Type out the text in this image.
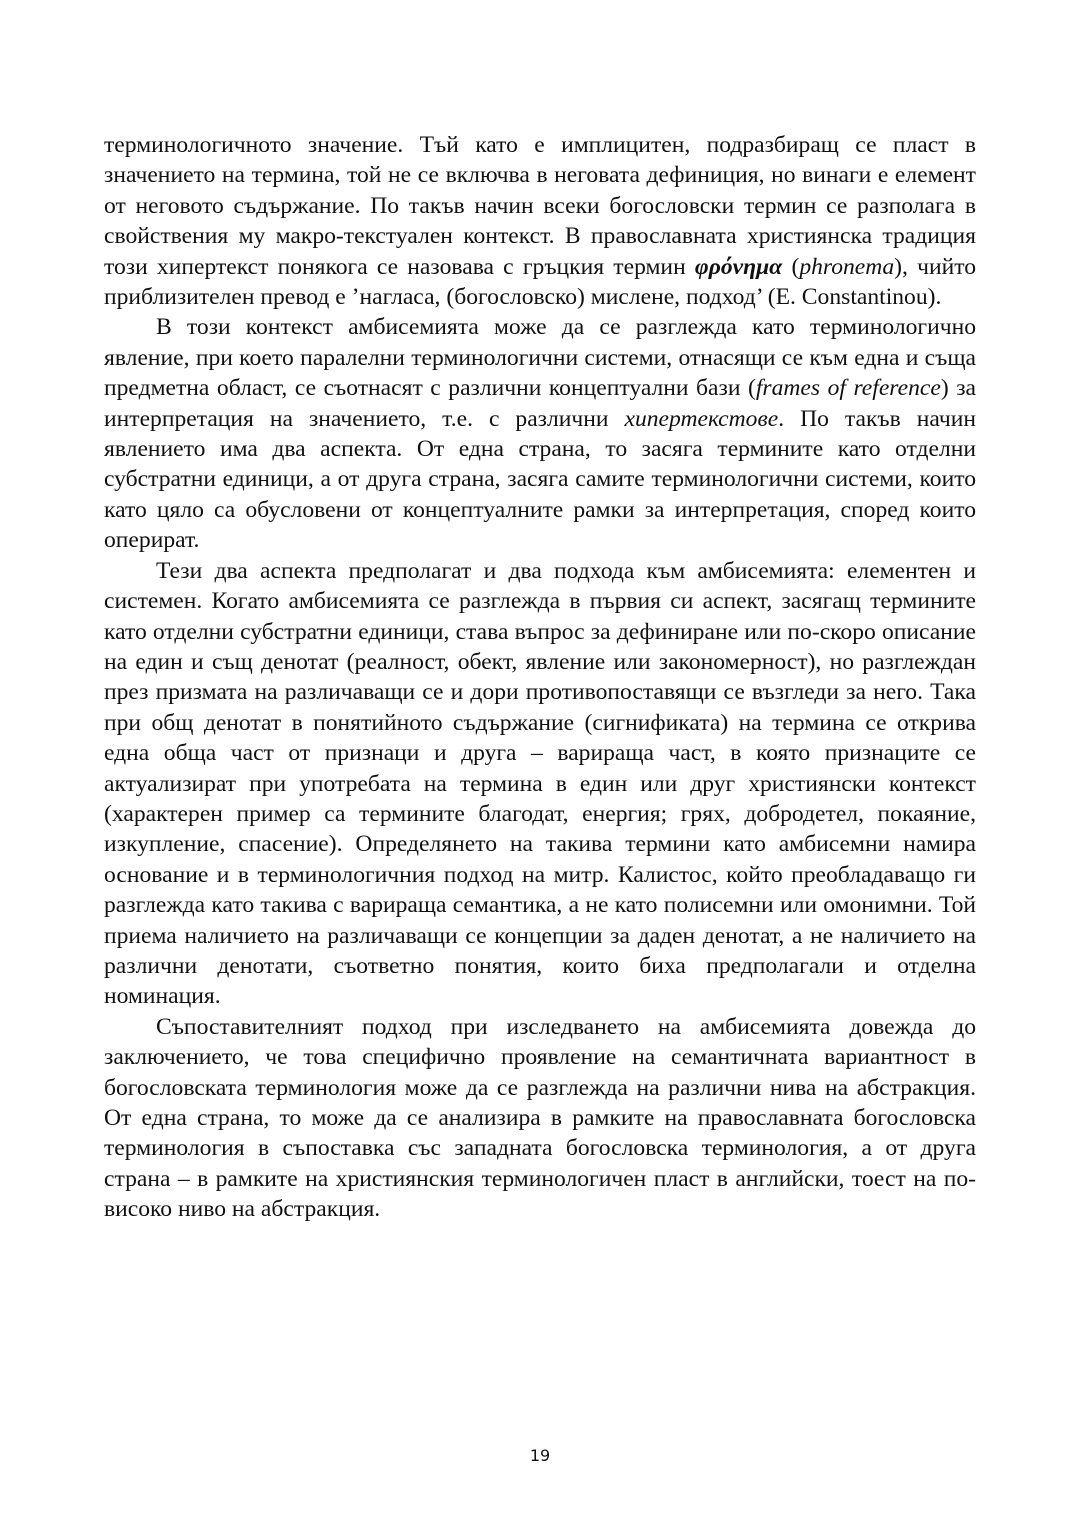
терминологичното значение. Тъй като е имплицитен, подразбиращ се пласт в значението на термина, той не се включва в неговата дефиниция, но винаги е елемент от неговото съдържание. По такъв начин всеки богословски термин се разполага в свойствения му макро-текстуален контекст. В православната християнска традиция този хипертекст понякога се назовава с гръцкия термин φρόνημα (phronema), чийто приблизителен превод е ’нагласа, (богословско) мислене, подход’ (E. Constantinou).

В този контекст амбисемията може да се разглежда като терминологично явление, при което паралелни терминологични системи, отнасящи се към една и съща предметна област, се съотнасят с различни концептуални бази (frames of reference) за интерпретация на значението, т.е. с различни хипертекстове. По такъв начин явлението има два аспекта. От една страна, то засяга термините като отделни субстратни единици, а от друга страна, засяга самите терминологични системи, които като цяло са обусловени от концептуалните рамки за интерпретация, според които оперират.

Тези два аспекта предполагат и два подхода към амбисемията: елементен и системен. Когато амбисемията се разглежда в първия си аспект, засягащ термините като отделни субстратни единици, става въпрос за дефиниране или по-скоро описание на един и същ денотат (реалност, обект, явление или закономерност), но разглеждан през призмата на различаващи се и дори противопоставящи се възгледи за него. Така при общ денотат в понятийното съдържание (сигнификата) на термина се открива една обща част от признаци и друга – варираща част, в която признаците се актуализират при употребата на термина в един или друг християнски контекст (характерен пример са термините благодат, енергия; грях, добродетел, покаяние, изкупление, спасение). Определянето на такива термини като амбисемни намира основание и в терминологичния подход на митр. Калистос, който преобладаващо ги разглежда като такива с варираща семантика, а не като полисемни или омонимни. Той приема наличието на различаващи се концепции за даден денотат, а не наличието на различни денотати, съответно понятия, които биха предполагали и отделна номинация.

Съпоставителният подход при изследването на амбисемията довежда до заключението, че това специфично проявление на семантичната вариантност в богословската терминология може да се разглежда на различни нива на абстракция. От една страна, то може да се анализира в рамките на православната богословска терминология в съпоставка със западната богословска терминология, а от друга страна – в рамките на християнския терминологичен пласт в английски, тоест на по-високо ниво на абстракция.

19
